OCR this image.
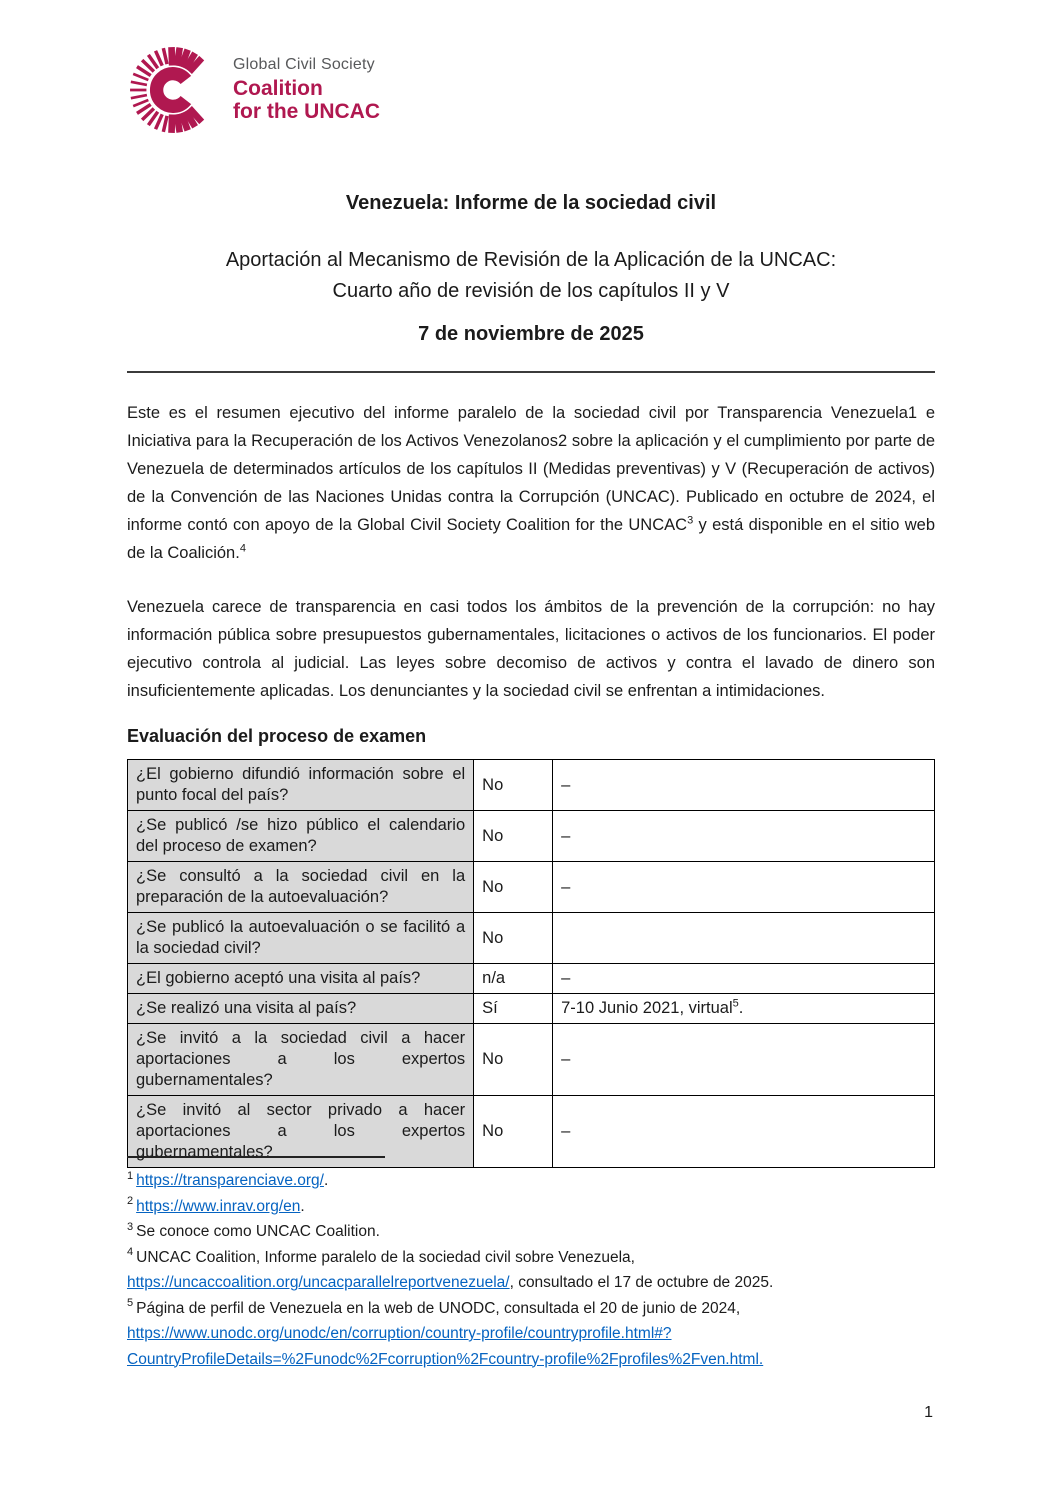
Global Civil Society
Coalition
for the UNCAC
Venezuela: Informe de la sociedad civil
Aportación al Mecanismo de Revisión de la Aplicación de la UNCAC:
Cuarto año de revisión de los capítulos II y V
7 de noviembre de 2025

Este es el resumen ejecutivo del informe paralelo de la sociedad civil por Transparencia Venezuela1 e Iniciativa para la Recuperación de los Activos Venezolanos2 sobre la aplicación y el cumplimiento por parte de Venezuela de determinados artículos de los capítulos II (Medidas preventivas) y V (Recuperación de activos) de la Convención de las Naciones Unidas contra la Corrupción (UNCAC). Publicado en octubre de 2024, el informe contó con apoyo de la Global Civil Society Coalition for the UNCAC$^3$ y está disponible en el sitio web de la Coalición.$^4$

Venezuela carece de transparencia en casi todos los ámbitos de la prevención de la corrupción: no hay información pública sobre presupuestos gubernamentales, licitaciones o activos de los funcionarios. El poder ejecutivo controla al judicial. Las leyes sobre decomiso de activos y contra el lavado de dinero son insuficientemente aplicadas. Los denunciantes y la sociedad civil se enfrentan a intimidaciones.

Evaluación del proceso de examen
¿El gobierno difundió información sobre el punto focal del país?	No	–
¿Se publicó /se hizo público el calendario del proceso de examen?	No	–
¿Se consultó a la sociedad civil en la preparación de la autoevaluación?	No	–
¿Se publicó la autoevaluación o se facilitó a la sociedad civil?	No	
¿El gobierno aceptó una visita al país?	n/a	–
¿Se realizó una visita al país?	Sí	7-10 Junio 2021, virtual$^5$.
¿Se invitó a la sociedad civil a hacer aportaciones a los expertos gubernamentales?	No	–
¿Se invitó al sector privado a hacer aportaciones a los expertos gubernamentales?	No	–
$^1$ https://transparenciave.org/.
$^2$ https://www.inrav.org/en.
$^3$ Se conoce como UNCAC Coalition.
$^4$ UNCAC Coalition, Informe paralelo de la sociedad civil sobre Venezuela, https://uncaccoalition.org/uncacparallelreportvenezuela/, consultado el 17 de octubre de 2025.
$^5$ Página de perfil de Venezuela en la web de UNODC, consultada el 20 de junio de 2024, https://www.unodc.org/unodc/en/corruption/country-profile/countryprofile.html#?CountryProfileDetails=%2Funodc%2Fcorruption%2Fcountry-profile%2Fprofiles%2Fven.html.
1
